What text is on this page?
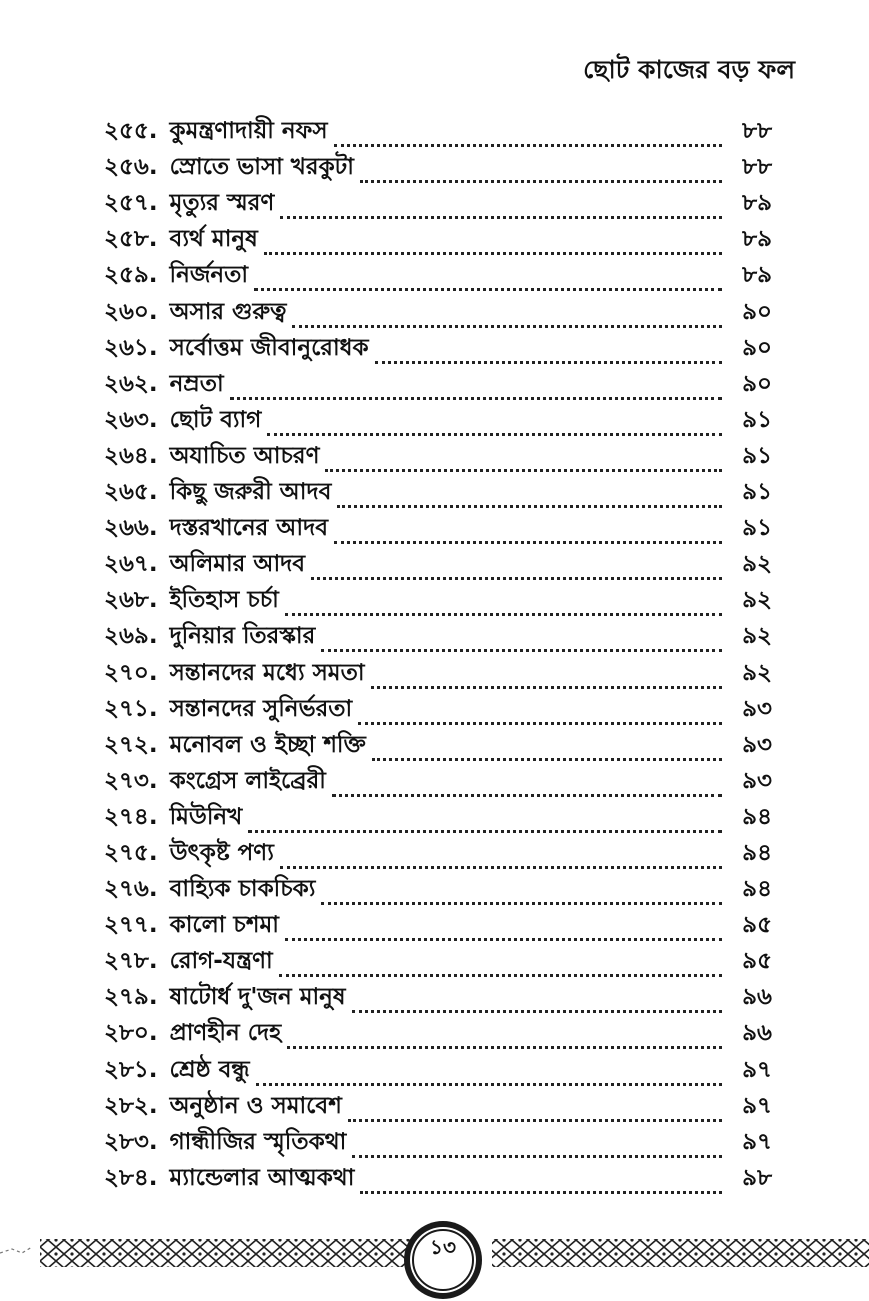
ছোট কাজের বড় ফল
২৫৫. কুমন্ত্রণাদায়ী নফস	৮৮
২৫৬. স্রোতে ভাসা খরকুটা	৮৮
২৫৭. মৃত্যুর স্মরণ	৮৯
২৫৮. ব্যর্থ মানুষ	৮৯
২৫৯. নির্জনতা	৮৯
২৬০. অসার গুরুত্ব	৯০
২৬১. সর্বোত্তম জীবানুরোধক	৯০
২৬২. নম্রতা	৯০
২৬৩. ছোট ব্যাগ	৯১
২৬৪. অযাচিত আচরণ	৯১
২৬৫. কিছু জরুরী আদব	৯১
২৬৬. দস্তরখানের আদব	৯১
২৬৭. অলিমার আদব	৯২
২৬৮. ইতিহাস চর্চা	৯২
২৬৯. দুনিয়ার তিরস্কার	৯২
২৭০. সন্তানদের মধ্যে সমতা	৯২
২৭১. সন্তানদের সুনির্ভরতা	৯৩
২৭২. মনোবল ও ইচ্ছা শক্তি	৯৩
২৭৩. কংগ্রেস লাইব্রেরী	৯৩
২৭৪. মিউনিখ	৯৪
২৭৫. উৎকৃষ্ট পণ্য	৯৪
২৭৬. বাহ্যিক চাকচিক্য	৯৪
২৭৭. কালো চশমা	৯৫
২৭৮. রোগ-যন্ত্রণা	৯৫
২৭৯. ষাটোর্ধ দু'জন মানুষ	৯৬
২৮০. প্রাণহীন দেহ	৯৬
২৮১. শ্রেষ্ঠ বন্ধু	৯৭
২৮২. অনুষ্ঠান ও সমাবেশ	৯৭
২৮৩. গান্ধীজির স্মৃতিকথা	৯৭
২৮৪. ম্যান্ডেলার আত্মকথা	৯৮
১৩
